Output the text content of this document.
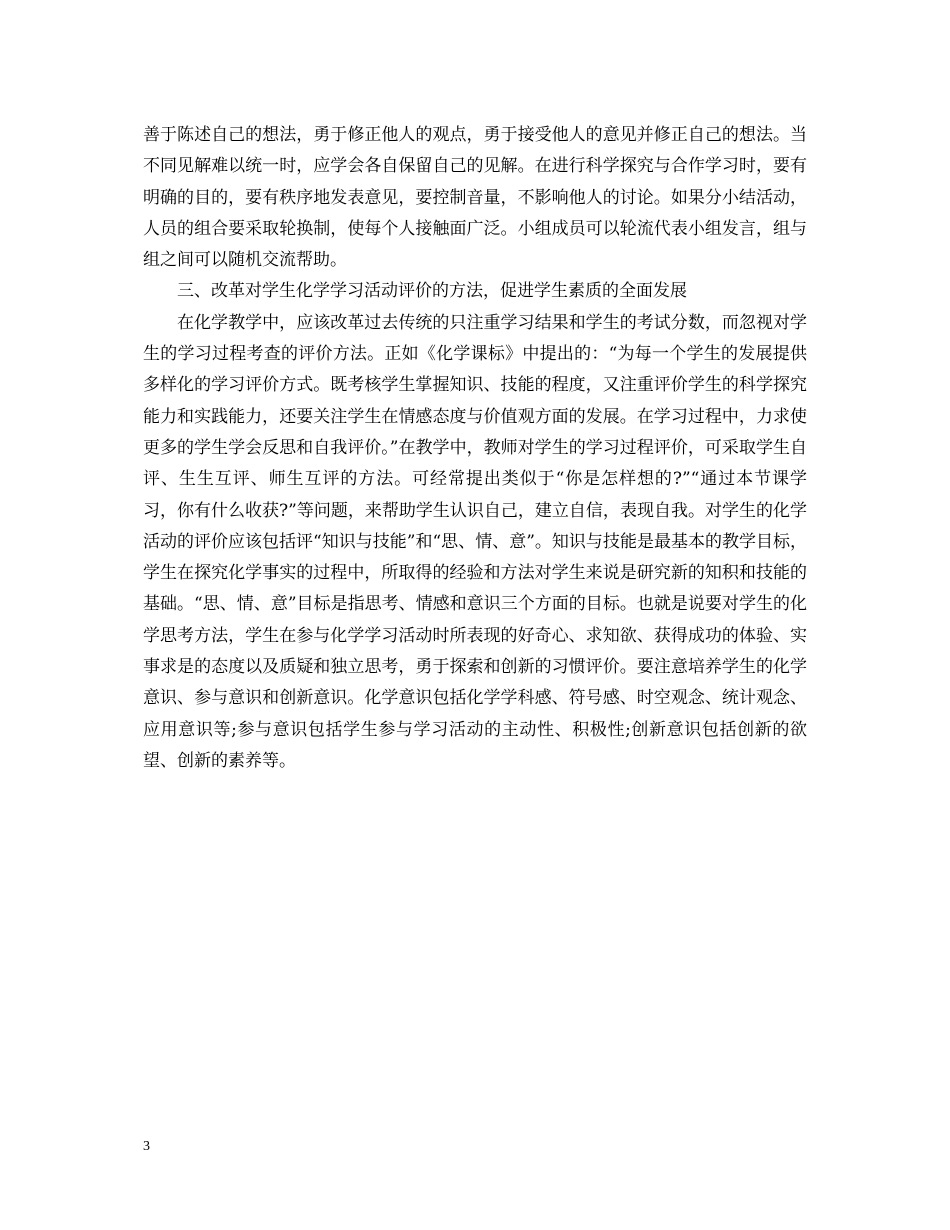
善于陈述自己的想法，勇于修正他人的观点，勇于接受他人的意见并修正自己的想法。当不同见解难以统一时，应学会各自保留自己的见解。在进行科学探究与合作学习时，要有明确的目的，要有秩序地发表意见，要控制音量，不影响他人的讨论。如果分小结活动，人员的组合要采取轮换制，使每个人接触面广泛。小组成员可以轮流代表小组发言，组与组之间可以随机交流帮助。

三、改革对学生化学学习活动评价的方法，促进学生素质的全面发展

在化学教学中，应该改革过去传统的只注重学习结果和学生的考试分数，而忽视对学生的学习过程考查的评价方法。正如《化学课标》中提出的：“为每一个学生的发展提供多样化的学习评价方式。既考核学生掌握知识、技能的程度，又注重评价学生的科学探究能力和实践能力，还要关注学生在情感态度与价值观方面的发展。在学习过程中，力求使更多的学生学会反思和自我评价。”在教学中，教师对学生的学习过程评价，可采取学生自评、生生互评、师生互评的方法。可经常提出类似于“你是怎样想的?”“通过本节课学习，你有什么收获?”等问题，来帮助学生认识自己，建立自信，表现自我。对学生的化学活动的评价应该包括评“知识与技能”和“思、情、意”。知识与技能是最基本的教学目标，学生在探究化学事实的过程中，所取得的经验和方法对学生来说是研究新的知积和技能的基础。“思、情、意”目标是指思考、情感和意识三个方面的目标。也就是说要对学生的化学思考方法，学生在参与化学学习活动时所表现的好奇心、求知欲、获得成功的体验、实事求是的态度以及质疑和独立思考，勇于探索和创新的习惯评价。要注意培养学生的化学意识、参与意识和创新意识。化学意识包括化学学科感、符号感、时空观念、统计观念、应用意识等;参与意识包括学生参与学习活动的主动性、积极性;创新意识包括创新的欲望、创新的素养等。

3
